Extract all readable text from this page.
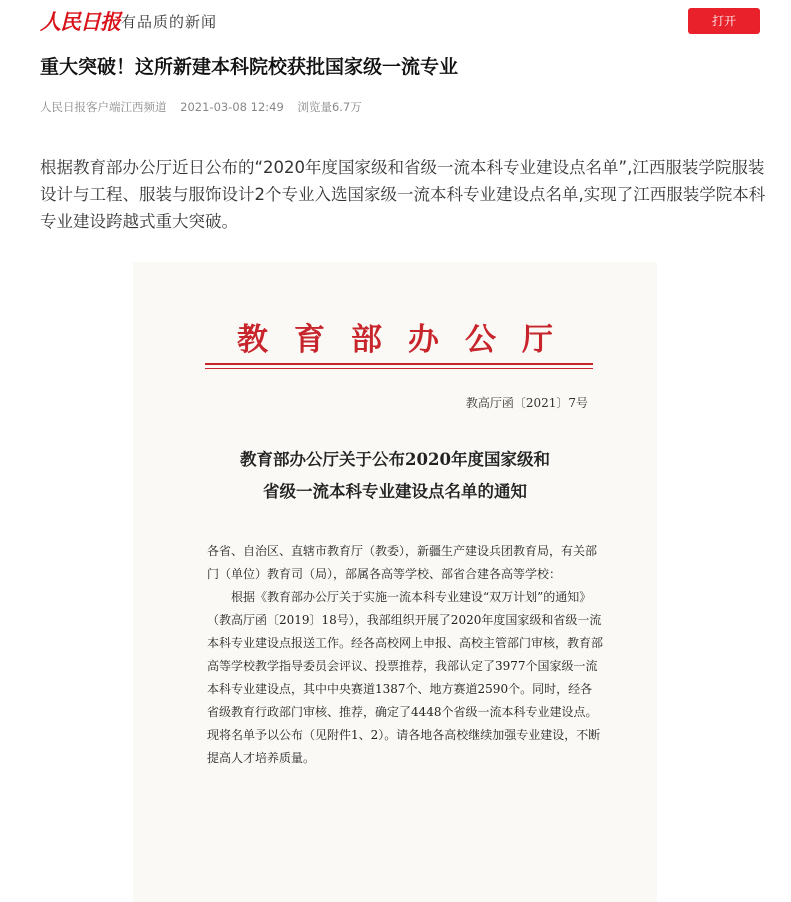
人民日报 有品质的新闻	打开
重大突破！这所新建本科院校获批国家级一流专业
人民日报客户端江西频道 2021-03-08 12:49 浏览量6.7万
根据教育部办公厅近日公布的“2020年度国家级和省级一流本科专业建设点名单”,江西服装学院服装设计与工程、服装与服饰设计2个专业入选国家级一流本科专业建设点名单,实现了江西服装学院本科专业建设跨越式重大突破。
教育部办公厅
教高厅函〔2021〕7号
教育部办公厅关于公布2020年度国家级和
省级一流本科专业建设点名单的通知

各省、自治区、直辖市教育厅（教委），新疆生产建设兵团教育局，有关部门（单位）教育司（局），部属各高等学校、部省合建各高等学校：

根据《教育部办公厅关于实施一流本科专业建设“双万计划”的通知》（教高厅函〔2019〕18号），我部组织开展了2020年度国家级和省级一流本科专业建设点报送工作。经各高校网上申报、高校主管部门审核，教育部高等学校教学指导委员会评议、投票推荐，我部认定了3977个国家级一流本科专业建设点，其中中央赛道1387个、地方赛道2590个。同时，经各省级教育行政部门审核、推荐，确定了4448个省级一流本科专业建设点。现将名单予以公布（见附件1、2）。请各地各高校继续加强专业建设，不断提高人才培养质量。
